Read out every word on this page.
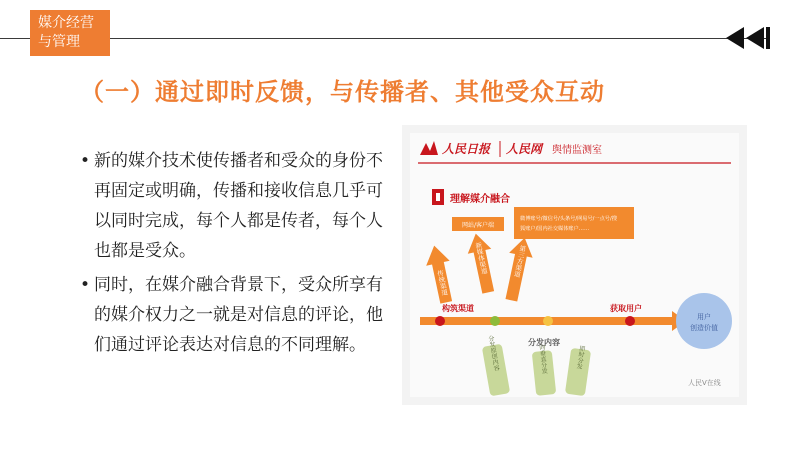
媒介经营
与管理
（一）通过即时反馈，与传播者、其他受众互动
• 新的媒介技术使传播者和受众的身份不再固定或明确，传播和接收信息几乎可以同时完成，每个人都是传者，每个人也都是受众。
• 同时，在媒介融合背景下，受众所享有的媒介权力之一就是对信息的评论，他们通过评论表达对信息的不同理解。
人民日报 人民网 舆情监测室
理解媒介融合
网站/客户端
微博账号/微信号/头条号/网易号/一点号/搜
狐账户/国内社交媒体账户……
传统渠道
新媒体渠道	第三方渠道
构筑渠道	获取用户
用户
创造价值
分发内容
分发原创内容	向垂直分发	即时分发
人民V在线
